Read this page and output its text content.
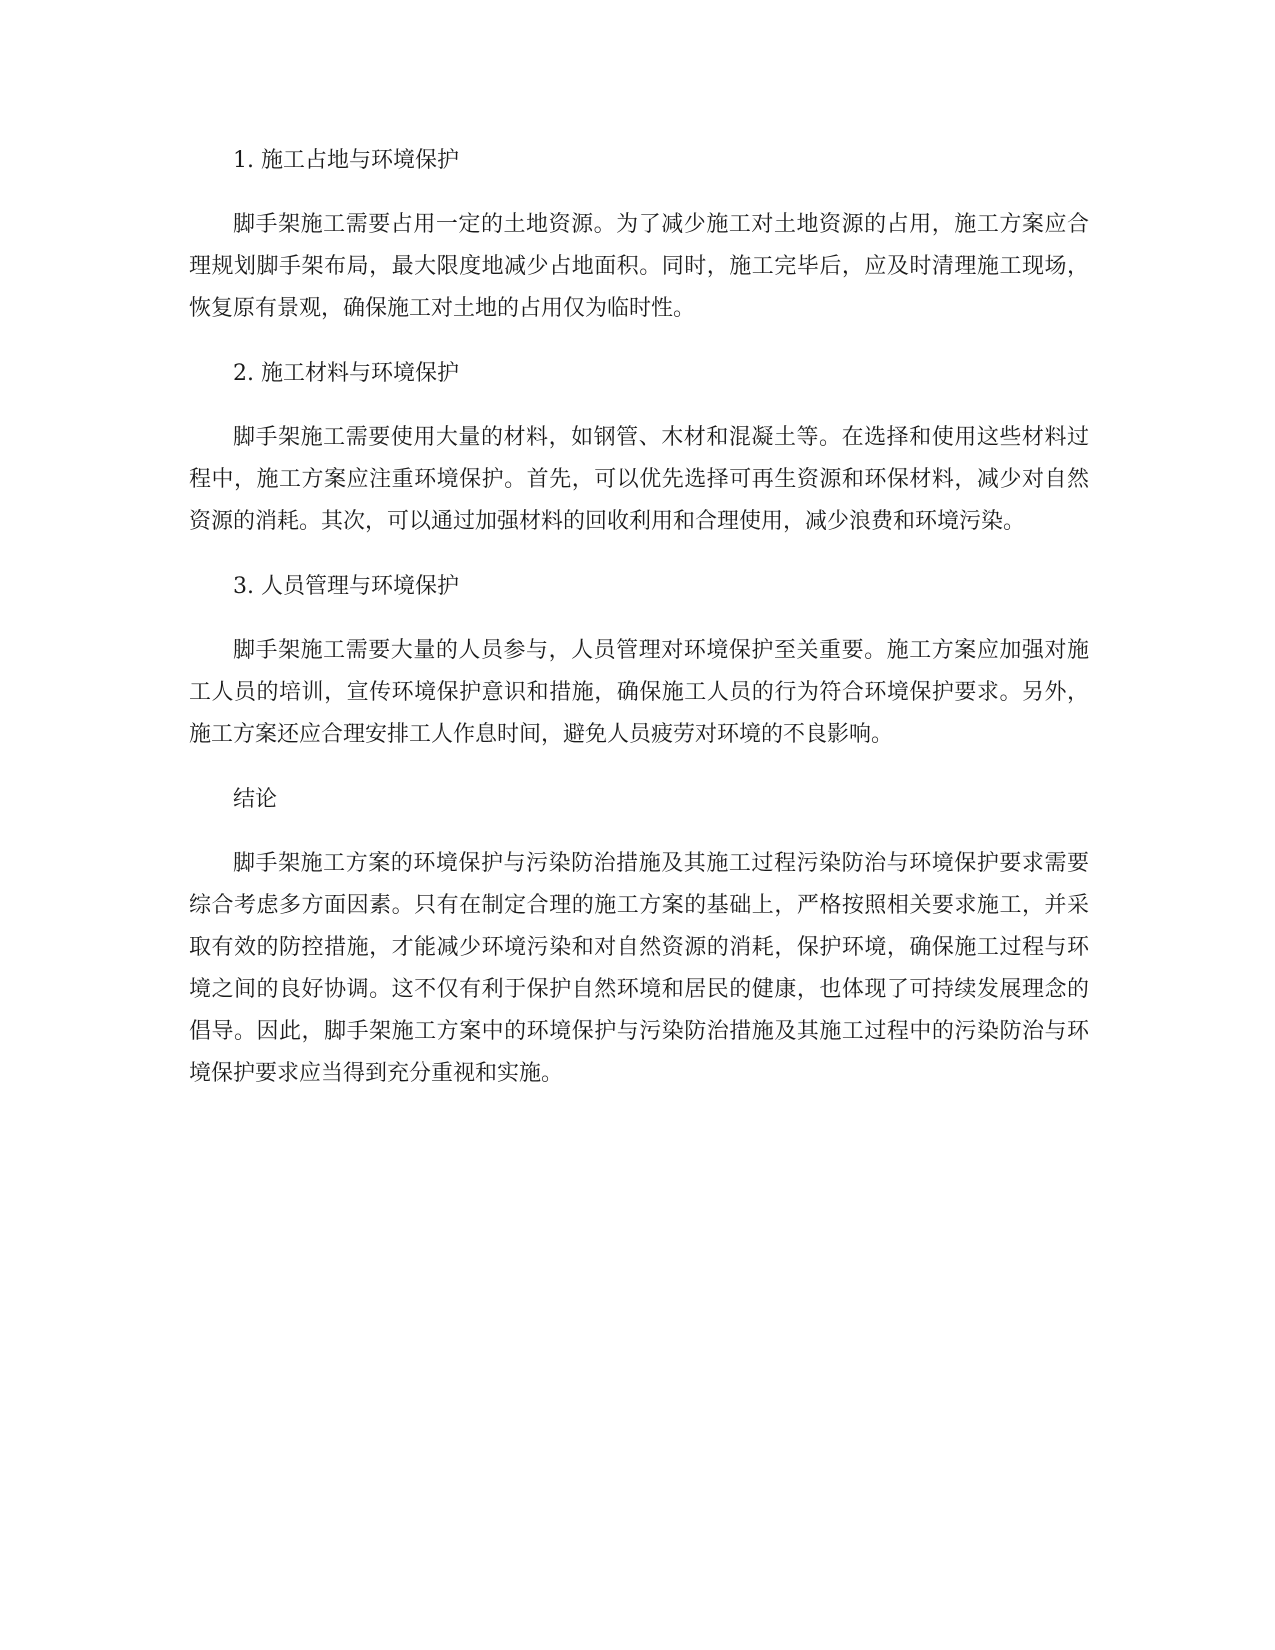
1. 施工占地与环境保护

脚手架施工需要占用一定的土地资源。为了减少施工对土地资源的占用，施工方案应合理规划脚手架布局，最大限度地减少占地面积。同时，施工完毕后，应及时清理施工现场，恢复原有景观，确保施工对土地的占用仅为临时性。

2. 施工材料与环境保护

脚手架施工需要使用大量的材料，如钢管、木材和混凝土等。在选择和使用这些材料过程中，施工方案应注重环境保护。首先，可以优先选择可再生资源和环保材料，减少对自然资源的消耗。其次，可以通过加强材料的回收利用和合理使用，减少浪费和环境污染。

3. 人员管理与环境保护

脚手架施工需要大量的人员参与，人员管理对环境保护至关重要。施工方案应加强对施工人员的培训，宣传环境保护意识和措施，确保施工人员的行为符合环境保护要求。另外，施工方案还应合理安排工人作息时间，避免人员疲劳对环境的不良影响。

结论

脚手架施工方案的环境保护与污染防治措施及其施工过程污染防治与环境保护要求需要综合考虑多方面因素。只有在制定合理的施工方案的基础上，严格按照相关要求施工，并采取有效的防控措施，才能减少环境污染和对自然资源的消耗，保护环境，确保施工过程与环境之间的良好协调。这不仅有利于保护自然环境和居民的健康，也体现了可持续发展理念的倡导。因此，脚手架施工方案中的环境保护与污染防治措施及其施工过程中的污染防治与环境保护要求应当得到充分重视和实施。
